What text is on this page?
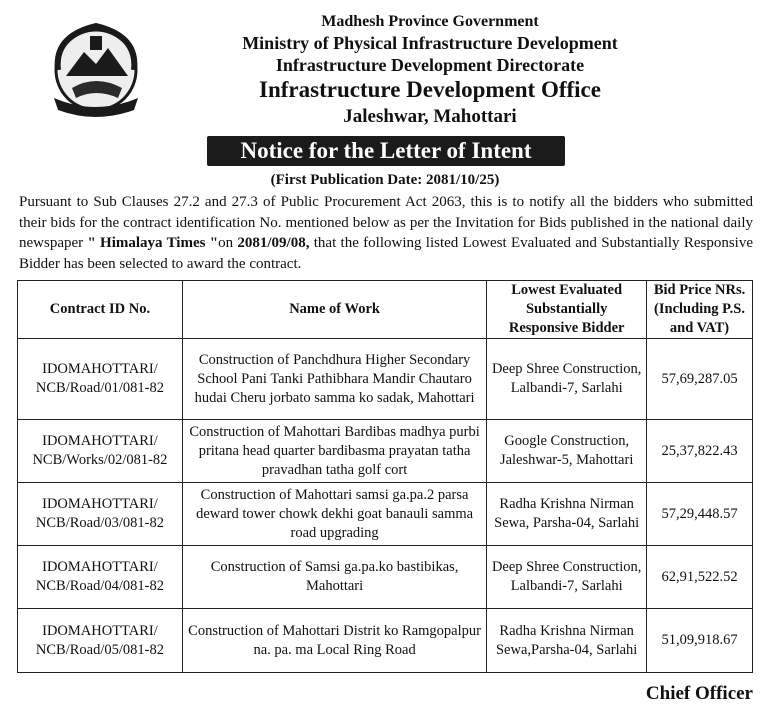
Madhesh Province Government
Ministry of Physical Infrastructure Development
Infrastructure Development Directorate
Infrastructure Development Office
Jaleshwar, Mahottari
Notice for the Letter of Intent
(First Publication Date: 2081/10/25)
Pursuant to Sub Clauses 27.2 and 27.3 of Public Procurement Act 2063, this is to notify all the bidders who submitted their bids for the contract identification No. mentioned below as per the Invitation for Bids published in the national daily newspaper " Himalaya Times "on 2081/09/08, that the following listed Lowest Evaluated and Substantially Responsive Bidder has been selected to award the contract.
Contract ID No.	Name of Work	Lowest Evaluated Substantially Responsive Bidder	Bid Price NRs. (Including P.S. and VAT)
IDOMAHOTTARI/ NCB/Road/01/081-82	Construction of Panchdhura Higher Secondary School Pani Tanki Pathibhara Mandir Chautaro hudai Cheru jorbato samma ko sadak, Mahottari	Deep Shree Construction, Lalbandi-7, Sarlahi	57,69,287.05
IDOMAHOTTARI/ NCB/Works/02/081-82	Construction of Mahottari Bardibas madhya purbi pritana head quarter bardibasma prayatan tatha pravadhan tatha golf cort	Google Construction, Jaleshwar-5, Mahottari	25,37,822.43
IDOMAHOTTARI/ NCB/Road/03/081-82	Construction of Mahottari samsi ga.pa.2 parsa deward tower chowk dekhi goat banauli samma road upgrading	Radha Krishna Nirman Sewa, Parsha-04, Sarlahi	57,29,448.57
IDOMAHOTTARI/ NCB/Road/04/081-82	Construction of Samsi ga.pa.ko bastibikas, Mahottari	Deep Shree Construction, Lalbandi-7, Sarlahi	62,91,522.52
IDOMAHOTTARI/ NCB/Road/05/081-82	Construction of Mahottari Distrit ko Ramgopalpur na. pa. ma Local Ring Road	Radha Krishna Nirman Sewa,Parsha-04, Sarlahi	51,09,918.67
Chief Officer
